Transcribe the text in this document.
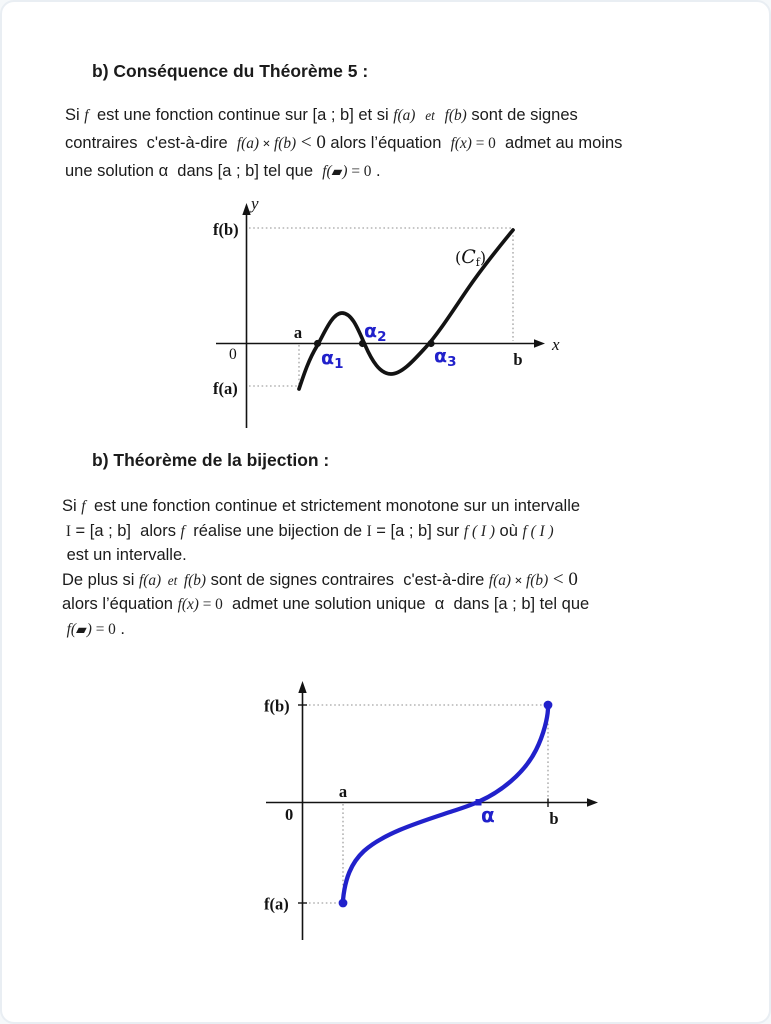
b) Conséquence du Théorème 5 :
Si f  est une fonction continue sur [a ; b] et si f(a)   et   f(b) sont de signes
contraires  c'est-à-dire  f(a) × f(b) < 0 alors l’équation  f(x) = 0  admet au moins
une solution α  dans [a ; b] tel que  f(▰) = 0 .
y
x
0
f(b)
f(a)
a
b
(Cf)
$\alpha_1$
$\alpha_2$
$\alpha_3$
b) Théorème de la bijection :
Si f  est une fonction continue et strictement monotone sur un intervalle
I = [a ; b]  alors f  réalise une bijection de I = [a ; b] sur f ( I ) où f ( I )
est un intervalle.
De plus si f(a)  et  f(b) sont de signes contraires  c'est-à-dire f(a) × f(b) < 0
alors l’équation f(x) = 0  admet une solution unique  α  dans [a ; b] tel que
f(▰) = 0 .
f(b)
f(a)
0
a
b
α
